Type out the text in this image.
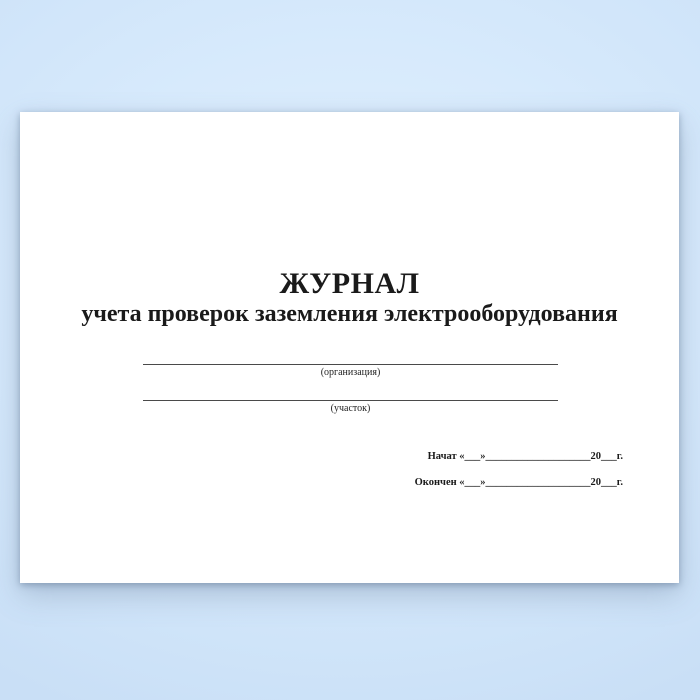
ЖУРНАЛ
учета проверок заземления электрооборудования
(организация)
(участок)
Начат «___»____________________20___г.
Окончен «___»____________________20___г.
